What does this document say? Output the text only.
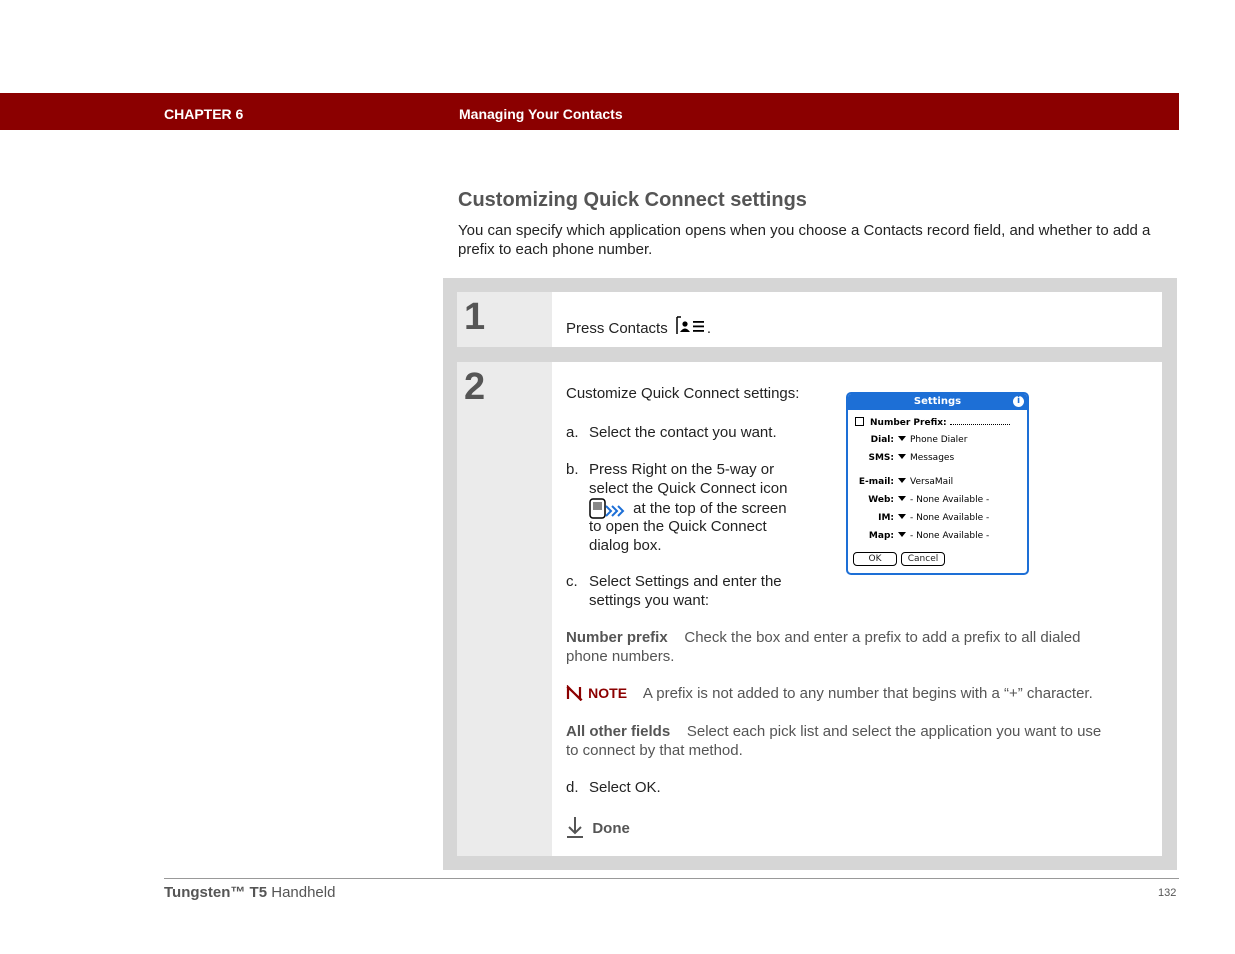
CHAPTER 6	Managing Your Contacts
Customizing Quick Connect settings
You can specify which application opens when you choose a Contacts record field, and whether to add a prefix to each phone number.
1	Press Contacts	.
2	Customize Quick Connect settings:
a. Select the contact you want.
b. Press Right on the 5-way or
select the Quick Connect icon
at the top of the screen
to open the Quick Connect
dialog box.
c. Select Settings and enter the
settings you want:
Settings	i
Number Prefix:
Dial: Phone Dialer
SMS: Messages
E-mail: VersaMail
Web: - None Available -
IM: - None Available -
Map: - None Available -
OK	Cancel
Number prefix Check the box and enter a prefix to add a prefix to all dialed
phone numbers.
NOTE A prefix is not added to any number that begins with a “+” character.
All other fields Select each pick list and select the application you want to use
to connect by that method.
d. Select OK.
Done
Tungsten™ T5 Handheld	132
